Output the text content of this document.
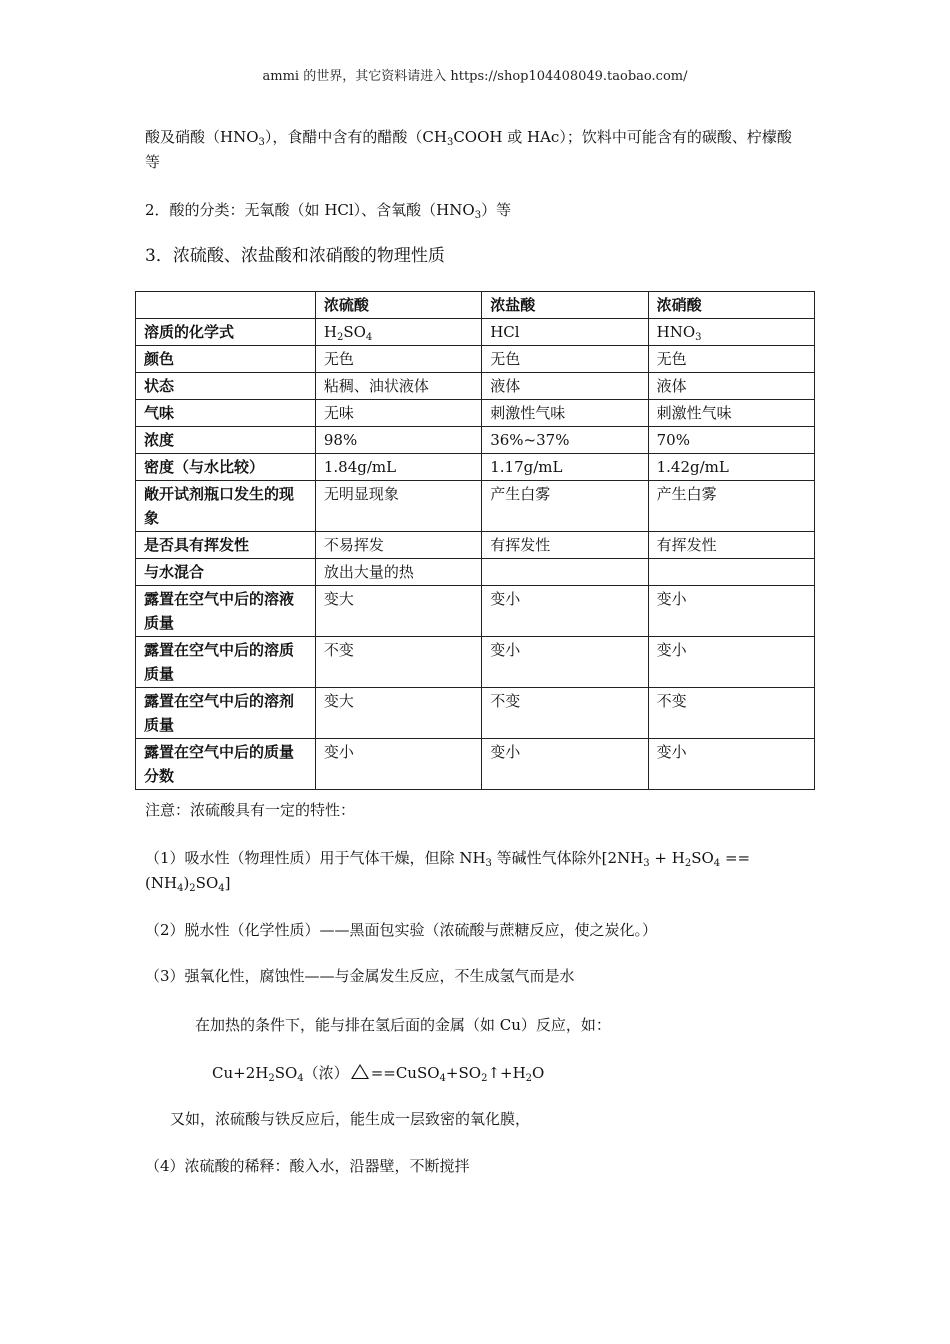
ammi 的世界，其它资料请进入 https://shop104408049.taobao.com/
酸及硝酸$(HNO_3)$，食醋中含有的醋酸（$CH_3COOH$ 或 HAc）；饮料中可能含有的碳酸、柠檬酸
等
2．酸的分类：无氧酸（如 HCl）、含氧酸$(HNO_3)$等
3．浓硫酸、浓盐酸和浓硝酸的物理性质
	浓硫酸	浓盐酸	浓硝酸
溶质的化学式	$H_2SO_4$	HCl	$HNO_3$
颜色	无色	无色	无色
状态	粘稠、油状液体	液体	液体
气味	无味	刺激性气味	刺激性气味
浓度	98%	36%~37%	70%
密度（与水比较）	1.84g/mL	1.17g/mL	1.42g/mL
敞开试剂瓶口发生的现象	无明显现象	产生白雾	产生白雾
是否具有挥发性	不易挥发	有挥发性	有挥发性
与水混合	放出大量的热		
露置在空气中后的溶液质量	变大	变小	变小
露置在空气中后的溶质质量	不变	变小	变小
露置在空气中后的溶剂质量	变大	不变	不变
露置在空气中后的质量分数	变小	变小	变小
注意：浓硫酸具有一定的特性：
（1）吸水性（物理性质）用于气体干燥，但除 $NH_3$ 等碱性气体除外[$2NH_3 + H_2SO_4$ ==
$(NH_4)_2SO_4$]
（2）脱水性（化学性质）——黑面包实验（浓硫酸与蔗糖反应，使之炭化。）
（3）强氧化性，腐蚀性——与金属发生反应，不生成氢气而是水
在加热的条件下，能与排在氢后面的金属（如 Cu）反应，如：
$Cu+2H_2SO_4$（浓） $==CuSO_4+SO_2↑+H_2O$
又如，浓硫酸与铁反应后，能生成一层致密的氧化膜，
（4）浓硫酸的稀释：酸入水，沿器壁，不断搅拌
